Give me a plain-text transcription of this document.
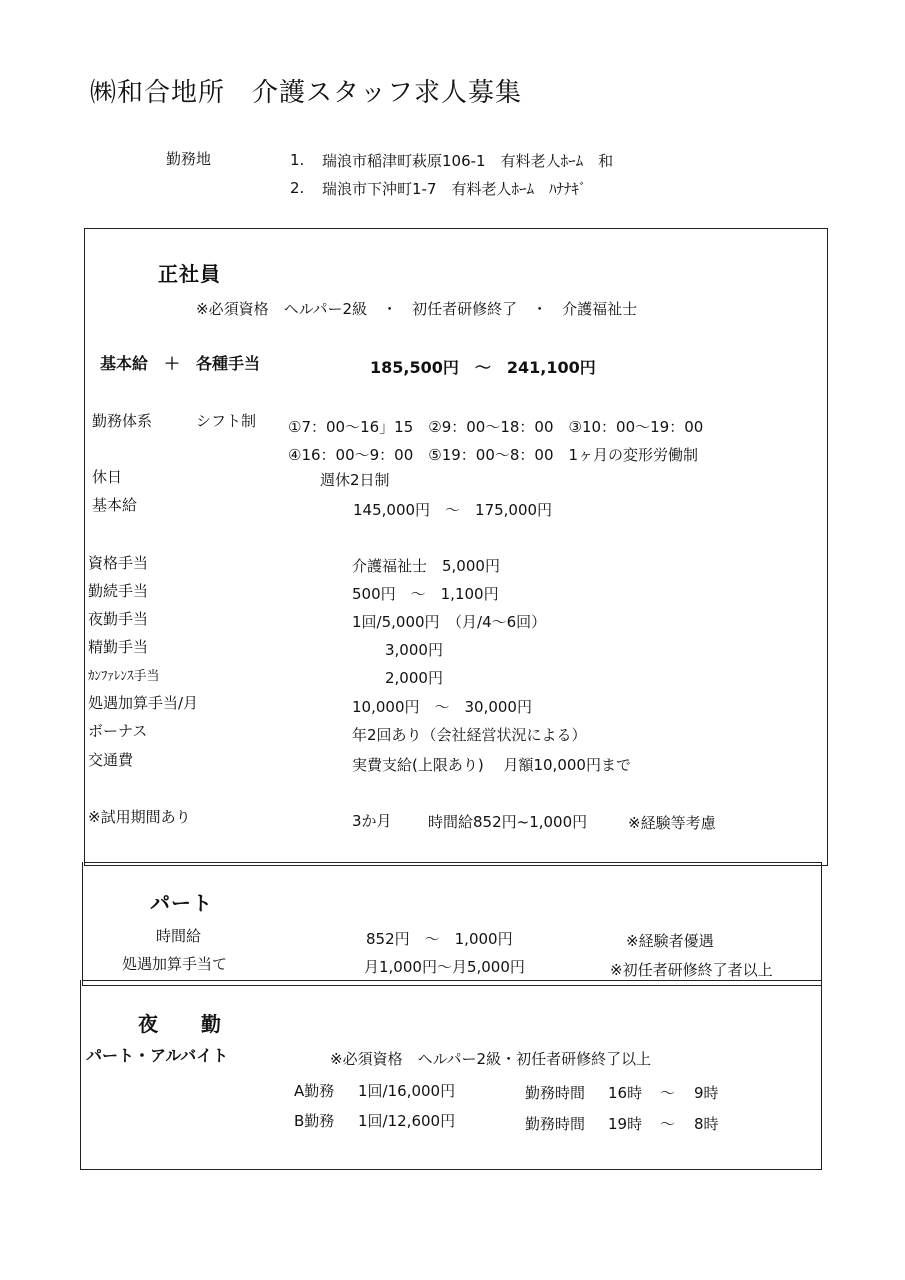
㈱和合地所　介護スタッフ求人募集
勤務地	1. 瑞浪市稲津町萩原106-1　有料老人ﾎｰﾑ　和
2. 瑞浪市下沖町1-7　有料老人ﾎｰﾑ　ﾊﾅﾅｷﾞ
正社員
※必須資格　ヘルパー2級　・　初任者研修終了　・　介護福祉士
基本給　＋　各種手当	185,500円　～　241,100円
勤務体系	シフト制 ①7：00～16」15　②9：00～18：00　③10：00～19：00
④16：00～9：00　⑤19：00～8：00　1ヶ月の変形労働制
休日	週休2日制
基本給	145,000円　～　175,000円
資格手当	介護福祉士　5,000円
勤続手当	500円　～　1,100円
夜勤手当	1回/5,000円　（月/4～6回）
精勤手当	3,000円
ｶﾝﾌｧﾚﾝｽ手当	2,000円
処遇加算手当/月	10,000円　～　30,000円
ボーナス	年2回あり（会社経営状況による）
交通費	実費支給(上限あり)　 月額10,000円まで
※試用期間あり	3か月 時間給852円~1,000円	※経験等考慮
パート
時間給	852円　～　1,000円	※経験者優遇
処遇加算手当て	月1,000円～月5,000円	※初任者研修終了者以上
夜　　勤
パート・アルバイト	※必須資格　ヘルパー2級・初任者研修終了以上
A勤務 1回/16,000円	勤務時間 16時 ～ 9時
B勤務 1回/12,600円	勤務時間 19時 ～ 8時
